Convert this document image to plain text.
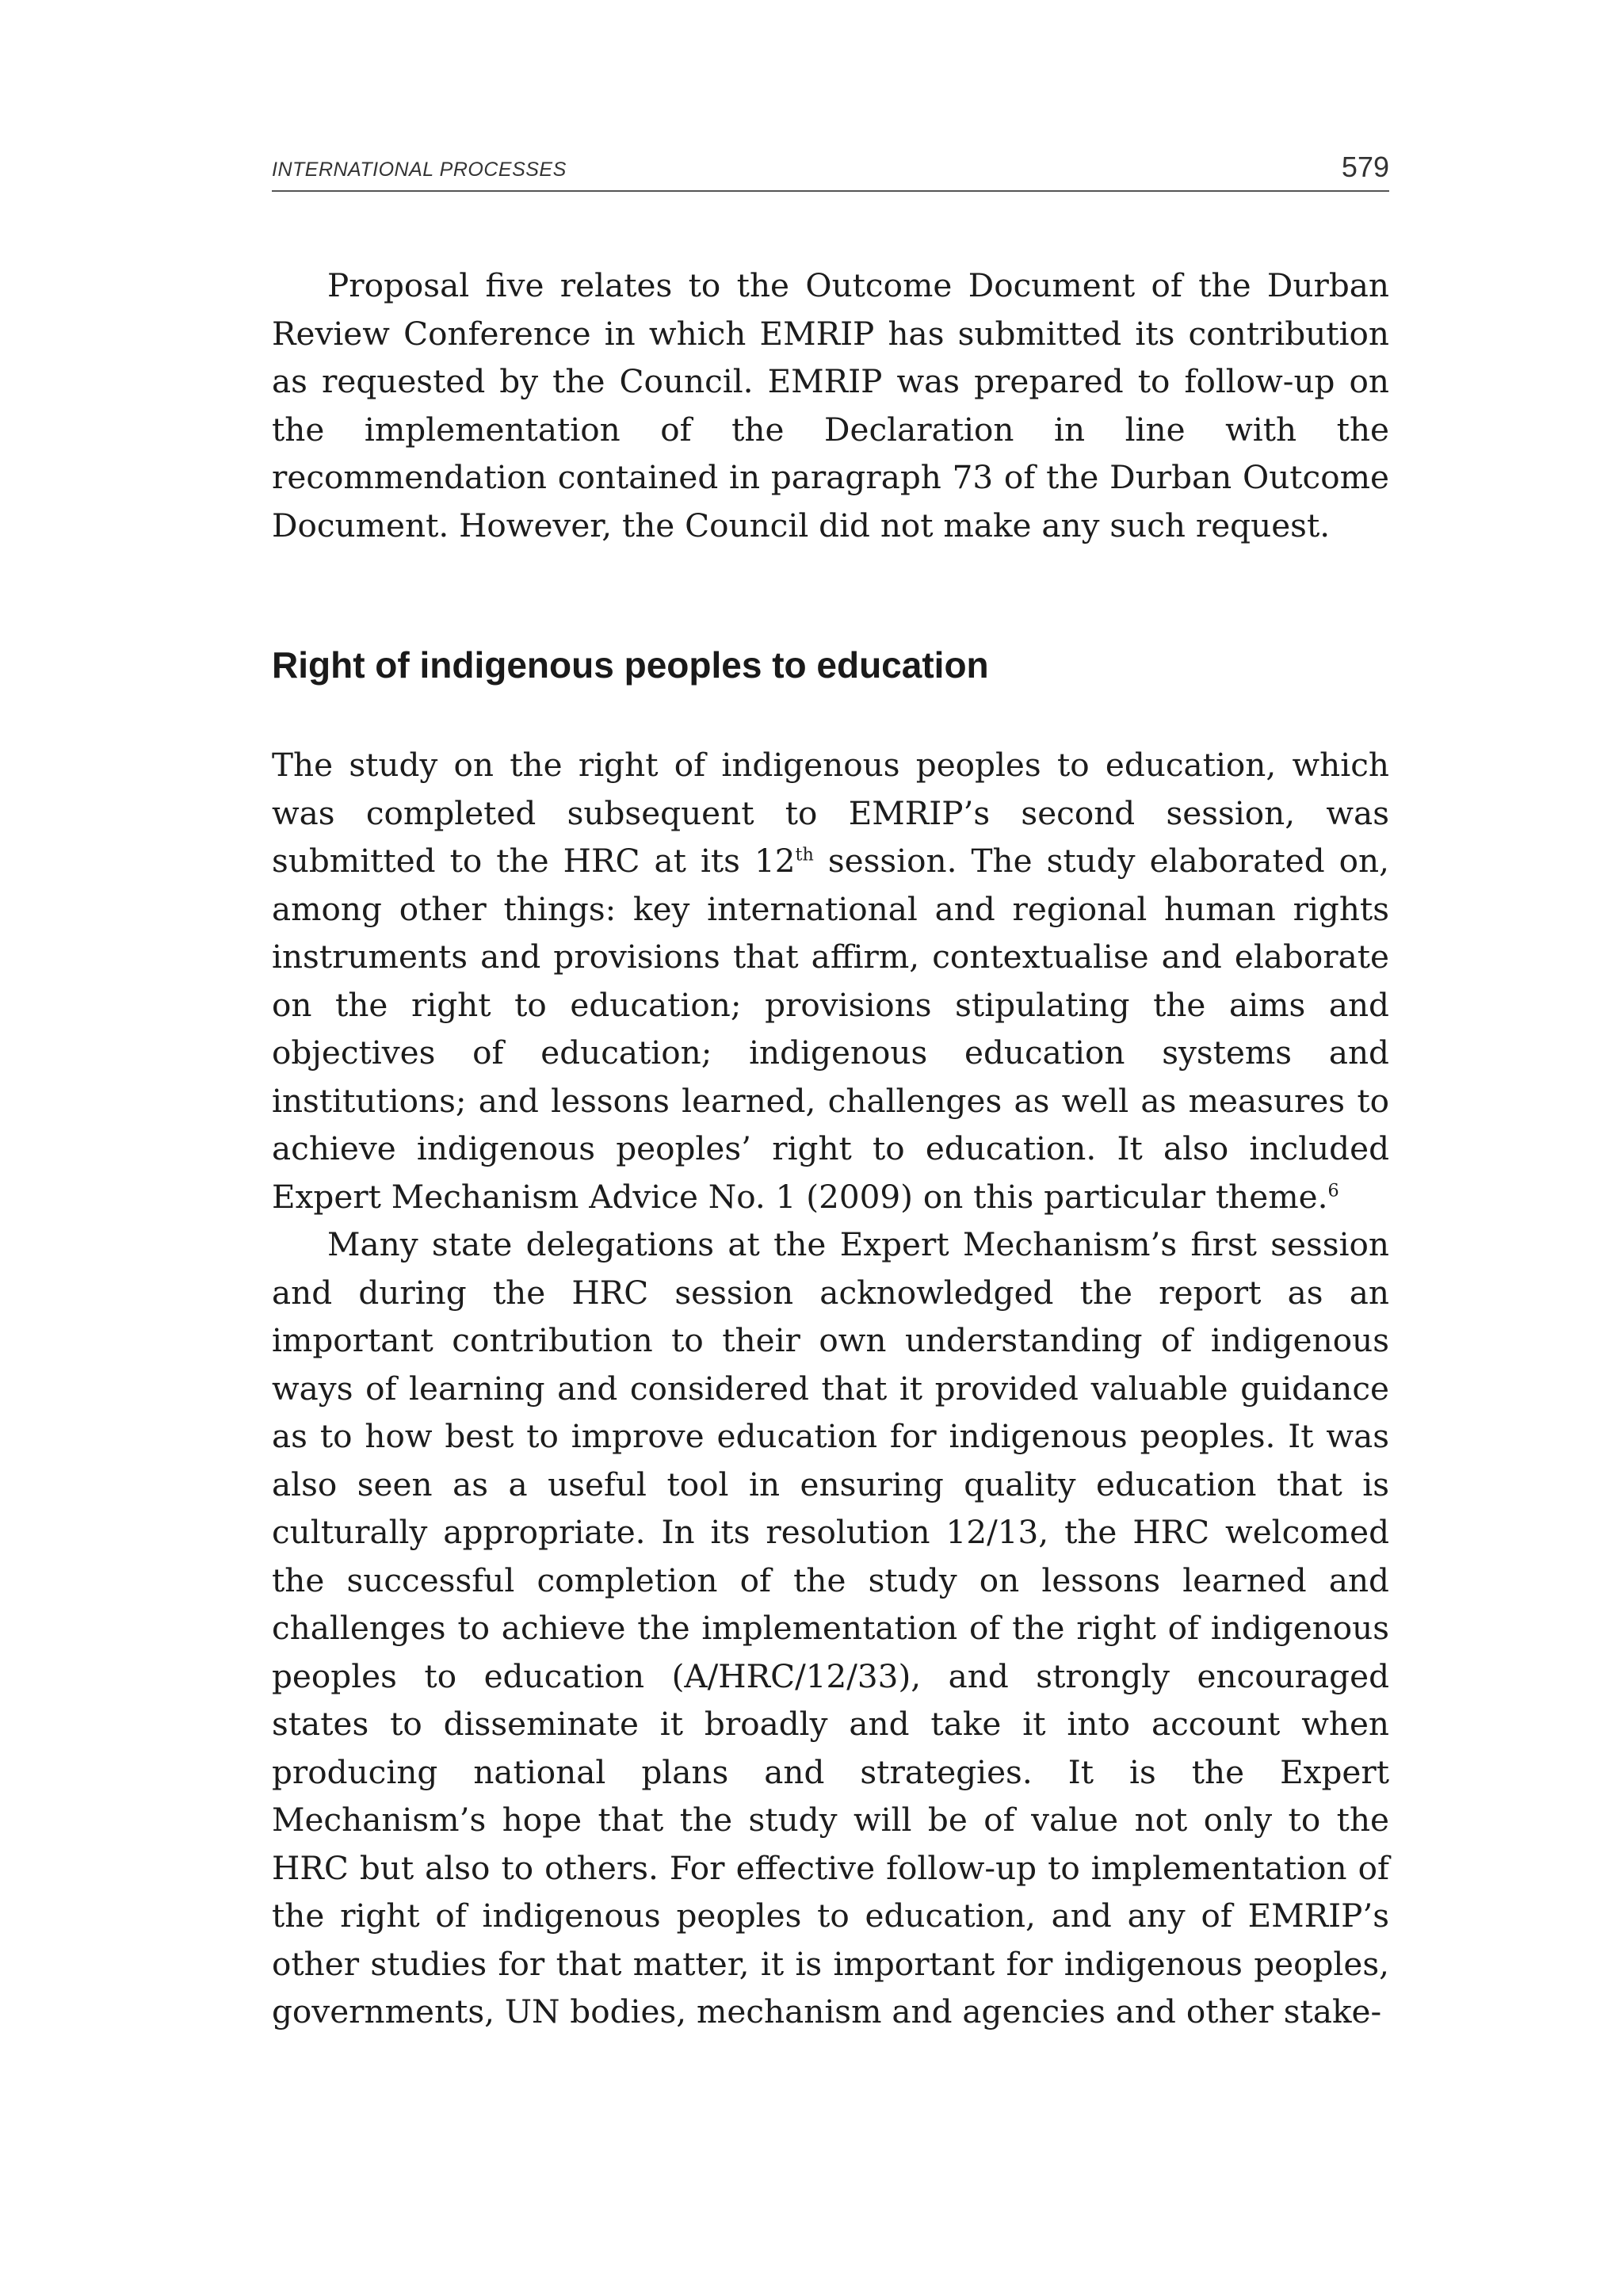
INTERNATIONAL PROCESSES	579

Proposal five relates to the Outcome Document of the Durban Review Conference in which EMRIP has submitted its contribution as requested by the Council. EMRIP was prepared to follow-up on the implementation of the Declaration in line with the recommendation contained in paragraph 73 of the Durban Outcome Document. However, the Council did not make any such request.

Right of indigenous peoples to education

The study on the right of indigenous peoples to education, which was completed subsequent to EMRIP’s second session, was submitted to the HRC at its 12th session. The study elaborated on, among other things: key international and regional human rights instruments and provisions that affirm, contextualise and elaborate on the right to education; provisions stipulating the aims and objectives of education; indigenous education systems and institutions; and lessons learned, challenges as well as measures to achieve indigenous peoples’ right to education. It also included Expert Mechanism Advice No. 1 (2009) on this particular theme.$^6$

Many state delegations at the Expert Mechanism’s first session and during the HRC session acknowledged the report as an important contribution to their own understanding of indigenous ways of learning and considered that it provided valuable guidance as to how best to improve education for indigenous peoples. It was also seen as a useful tool in ensuring quality education that is culturally appropriate. In its resolution 12/13, the HRC welcomed the successful completion of the study on lessons learned and challenges to achieve the implementation of the right of indigenous peoples to education (A/HRC/12/33), and strongly encouraged states to disseminate it broadly and take it into account when producing national plans and strategies. It is the Expert Mechanism’s hope that the study will be of value not only to the HRC but also to others. For effective follow-up to implementation of the right of indigenous peoples to education, and any of EMRIP’s other studies for that matter, it is important for indigenous peoples, governments, UN bodies, mechanism and agencies and other stake-
